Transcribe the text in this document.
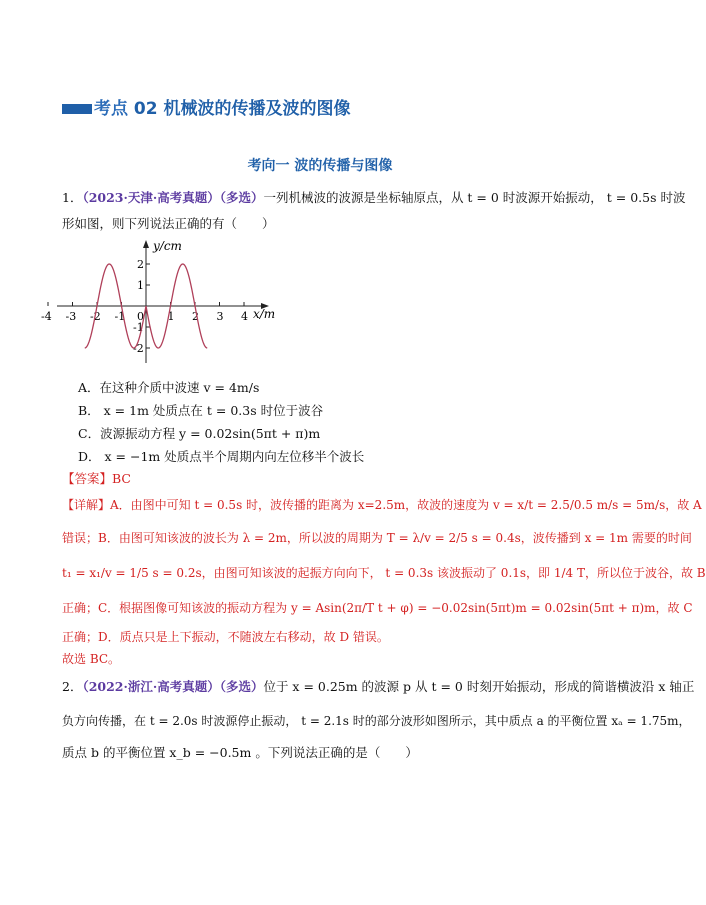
考点 02 机械波的传播及波的图像
考向一 波的传播与图像
1．（2023·天津·高考真题）（多选）一列机械波的波源是坐标轴原点，从 t = 0 时波源开始振动， t = 0.5s 时波
形如图，则下列说法正确的有（　　）
y/cm
x/m
-4 -3 -2 -1	1 2 3 4
2
1
-1
-2
0
A．在这种介质中波速 v = 4m/s
B． x = 1m 处质点在 t = 0.3s 时位于波谷
C．波源振动方程 y = 0.02sin(5πt + π)m
D． x = −1m 处质点半个周期内向左位移半个波长
【答案】BC
【详解】A．由图中可知 t = 0.5s 时，波传播的距离为 x=2.5m，故波的速度为 v = x/t = 2.5/0.5 m/s = 5m/s，故 A
错误；B．由图可知该波的波长为 λ = 2m，所以波的周期为 T = λ/v = 2/5 s = 0.4s，波传播到 x = 1m 需要的时间
t₁ = x₁/v = 1/5 s = 0.2s，由图可知该波的起振方向向下， t = 0.3s 该波振动了 0.1s，即 1/4 T，所以位于波谷，故 B
正确；C．根据图像可知该波的振动方程为 y = Asin(2π/T t + φ) = −0.02sin(5πt)m = 0.02sin(5πt + π)m，故 C
正确；D．质点只是上下振动，不随波左右移动，故 D 错误。
故选 BC。
2．（2022·浙江·高考真题）（多选）位于 x = 0.25m 的波源 p 从 t = 0 时刻开始振动，形成的简谐横波沿 x 轴正
负方向传播，在 t = 2.0s 时波源停止振动， t = 2.1s 时的部分波形如图所示，其中质点 a 的平衡位置 xₐ = 1.75m，
质点 b 的平衡位置 x_b = −0.5m 。下列说法正确的是（　　）
